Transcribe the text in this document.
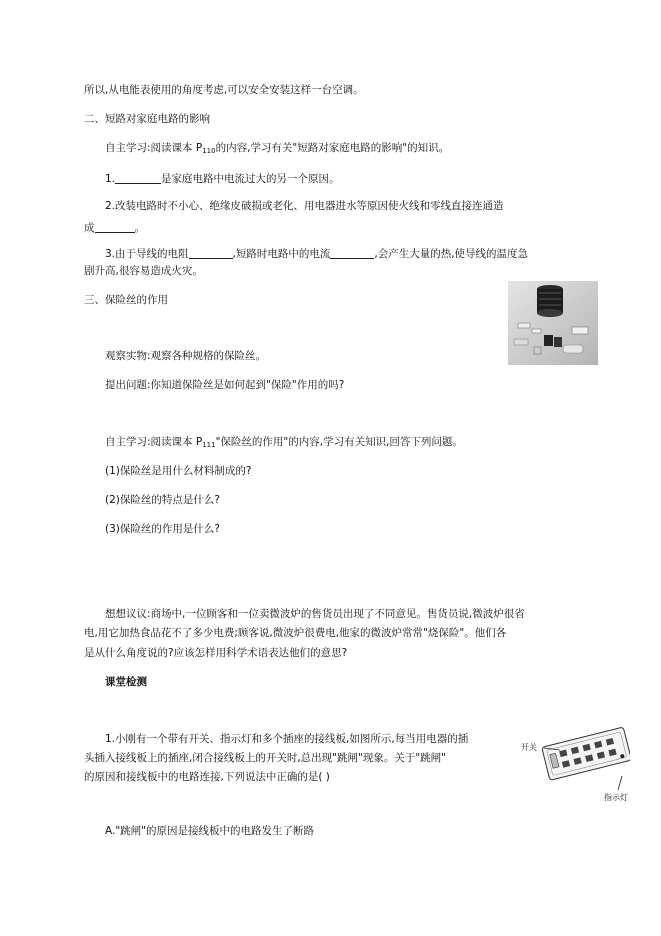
所以,从电能表使用的角度考虑,可以安全安装这样一台空调。
二、短路对家庭电路的影响
自主学习:阅读课本 $P_{110}$的内容,学习有关"短路对家庭电路的影响"的知识。
1.	是家庭电路中电流过大的另一个原因。
2.改装电路时不小心、绝缘皮破损或老化、用电器进水等原因使火线和零线直接连通造
成	。
3.由于导线的电阻	,短路时电路中的电流	,会产生大量的热,使导线的温度急
剧升高,很容易造成火灾。
三、保险丝的作用
观察实物:观察各种规格的保险丝。
提出问题:你知道保险丝是如何起到"保险"作用的吗?
自主学习:阅读课本 $P_{111}$"保险丝的作用"的内容,学习有关知识,回答下列问题。
(1)保险丝是用什么材料制成的?
(2)保险丝的特点是什么?
(3)保险丝的作用是什么?
想想议议:商场中,一位顾客和一位卖微波炉的售货员出现了不同意见。售货员说,微波炉很省
电,用它加热食品花不了多少电费;顾客说,微波炉很费电,他家的微波炉常常"烧保险"。他们各
是从什么角度说的?应该怎样用科学术语表达他们的意思?
课堂检测
1.小刚有一个带有开关、指示灯和多个插座的接线板,如图所示,每当用电器的插
头插入接线板上的插座,闭合接线板上的开关时,总出现"跳闸"现象。关于"跳闸"
的原因和接线板中的电路连接,下列说法中正确的是( )
开关
指示灯
A."跳闸"的原因是接线板中的电路发生了断路
